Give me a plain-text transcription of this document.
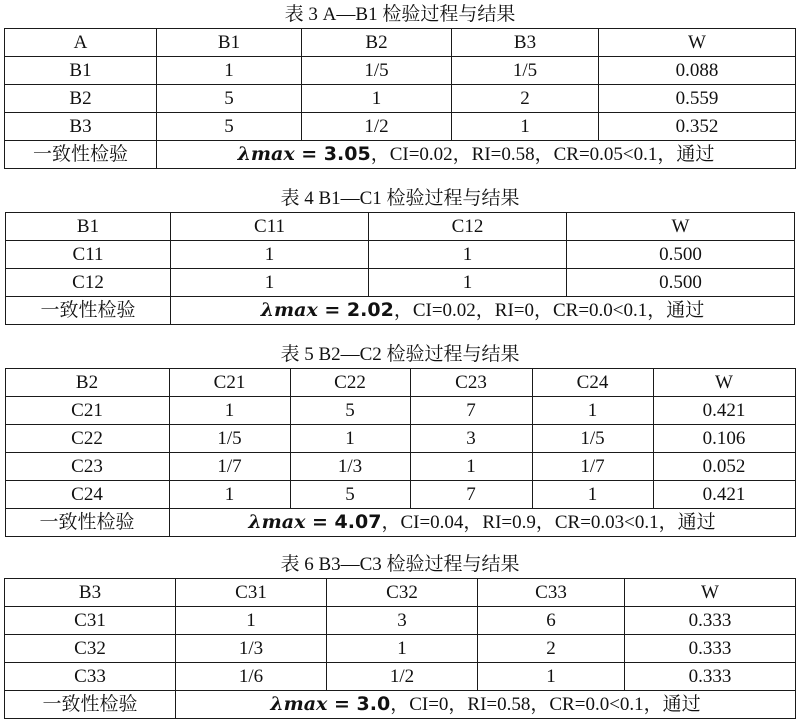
表 3 A—B1 检验过程与结果
A	B1	B2	B3	W
B1	1	1/5	1/5	0.088
B2	5	1	2	0.559
B3	5	1/2	1	0.352
一致性检验	λmax = 3.05，CI=0.02，RI=0.58，CR=0.05<0.1，通过			
表 4 B1—C1 检验过程与结果
B1	C11	C12	W
C11	1	1	0.500
C12	1	1	0.500
一致性检验	λmax = 2.02，CI=0.02，RI=0，CR=0.0<0.1，通过		
表 5 B2—C2 检验过程与结果
B2	C21	C22	C23	C24	W
C21	1	5	7	1	0.421
C22	1/5	1	3	1/5	0.106
C23	1/7	1/3	1	1/7	0.052
C24	1	5	7	1	0.421
一致性检验	λmax = 4.07，CI=0.04，RI=0.9，CR=0.03<0.1，通过				
表 6 B3—C3 检验过程与结果
B3	C31	C32	C33	W
C31	1	3	6	0.333
C32	1/3	1	2	0.333
C33	1/6	1/2	1	0.333
一致性检验	λmax = 3.0，CI=0，RI=0.58，CR=0.0<0.1，通过			
